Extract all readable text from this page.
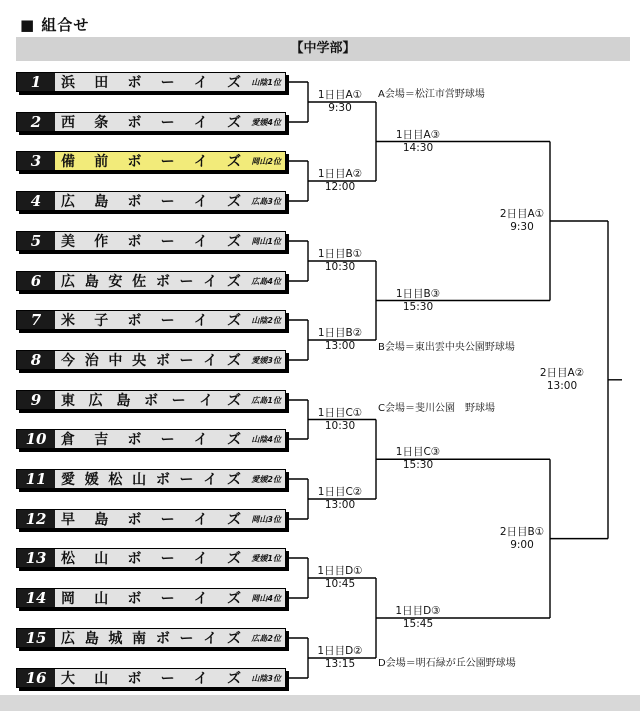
■ 組合せ
【中学部】
1	浜 田 ボ ー イ ズ 山陰1位
2	西 条 ボ ー イ ズ 愛媛4位
3	備 前 ボ ー イ ズ 岡山2位
4	広 島 ボ ー イ ズ 広島3位
5	美 作 ボ ー イ ズ 岡山1位
6	広 島 安 佐 ボ ー イ ズ 広島4位
7	米 子 ボ ー イ ズ 山陰2位
8	今 治 中 央 ボ ー イ ズ 愛媛3位
9	東 広 島 ボ ー イ ズ 広島1位
10	倉 吉 ボ ー イ ズ 山陰4位
11	愛 媛 松 山 ボ ー イ ズ 愛媛2位
12	早 島 ボ ー イ ズ 岡山3位
13	松 山 ボ ー イ ズ 愛媛1位
14	岡 山 ボ ー イ ズ 岡山4位
15	広 島 城 南 ボ ー イ ズ 広島2位
16	大 山 ボ ー イ ズ 山陰3位
1日目A①
9:30
1日目A②
12:00
1日目B①
10:30
1日目B②
13:00
1日目C①
10:30
1日目C②
13:00
1日目D①
10:45
1日目D②
13:15
1日目A③
14:30
1日目B③
15:30
1日目C③
15:30
1日目D③
15:45
2日目A①
9:30
2日目B①
9:00
2日目A②
13:00
A会場＝松江市営野球場
B会場＝東出雲中央公園野球場
C会場＝斐川公園　野球場
D会場＝明石緑が丘公園野球場
